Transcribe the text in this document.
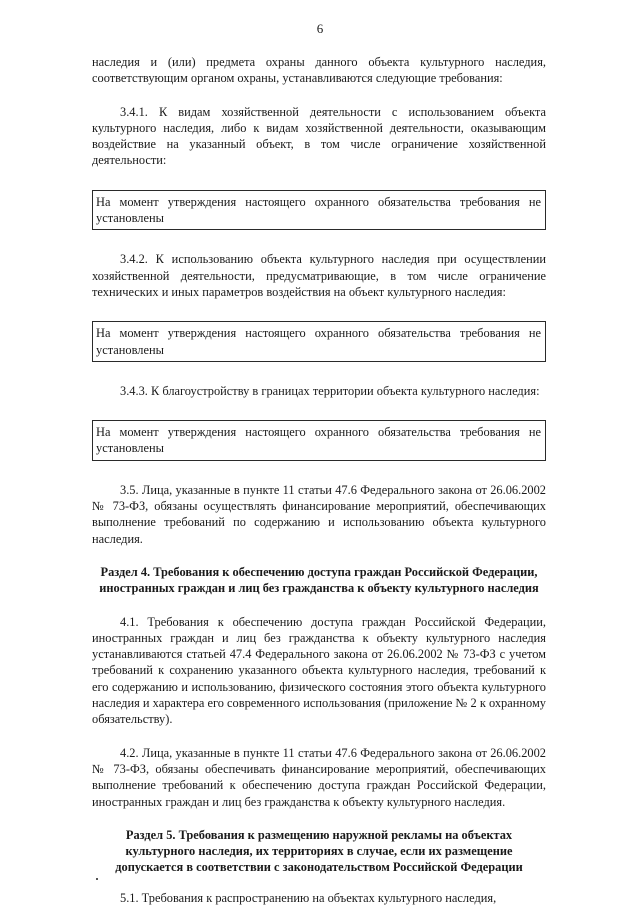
6

наследия и (или) предмета охраны данного объекта культурного наследия, соответствующим органом охраны, устанавливаются следующие требования:

3.4.1. К видам хозяйственной деятельности с использованием объекта культурного наследия, либо к видам хозяйственной деятельности, оказывающим воздействие на указанный объект, в том числе ограничение хозяйственной деятельности:

На момент утверждения настоящего охранного обязательства требования не установлены

3.4.2. К использованию объекта культурного наследия при осуществлении хозяйственной деятельности, предусматривающие, в том числе ограничение технических и иных параметров воздействия на объект культурного наследия:

На момент утверждения настоящего охранного обязательства требования не установлены

3.4.3. К благоустройству в границах территории объекта культурного наследия:

На момент утверждения настоящего охранного обязательства требования не установлены

3.5. Лица, указанные в пункте 11 статьи 47.6 Федерального закона от 26.06.2002 № 73-ФЗ, обязаны осуществлять финансирование мероприятий, обеспечивающих выполнение требований по содержанию и использованию объекта культурного наследия.

Раздел 4. Требования к обеспечению доступа граждан Российской Федерации, иностранных граждан и лиц без гражданства к объекту культурного наследия

4.1. Требования к обеспечению доступа граждан Российской Федерации, иностранных граждан и лиц без гражданства к объекту культурного наследия устанавливаются статьей 47.4 Федерального закона от 26.06.2002 № 73-ФЗ с учетом требований к сохранению указанного объекта культурного наследия, требований к его содержанию и использованию, физического состояния этого объекта культурного наследия и характера его современного использования (приложение № 2 к охранному обязательству).

4.2. Лица, указанные в пункте 11 статьи 47.6 Федерального закона от 26.06.2002 № 73-ФЗ, обязаны обеспечивать финансирование мероприятий, обеспечивающих выполнение требований к обеспечению доступа граждан Российской Федерации, иностранных граждан и лиц без гражданства к объекту культурного наследия.

Раздел 5. Требования к размещению наружной рекламы на объектах культурного наследия, их территориях в случае, если их размещение допускается в соответствии с законодательством Российской Федерации

5.1. Требования к распространению на объектах культурного наследия,
